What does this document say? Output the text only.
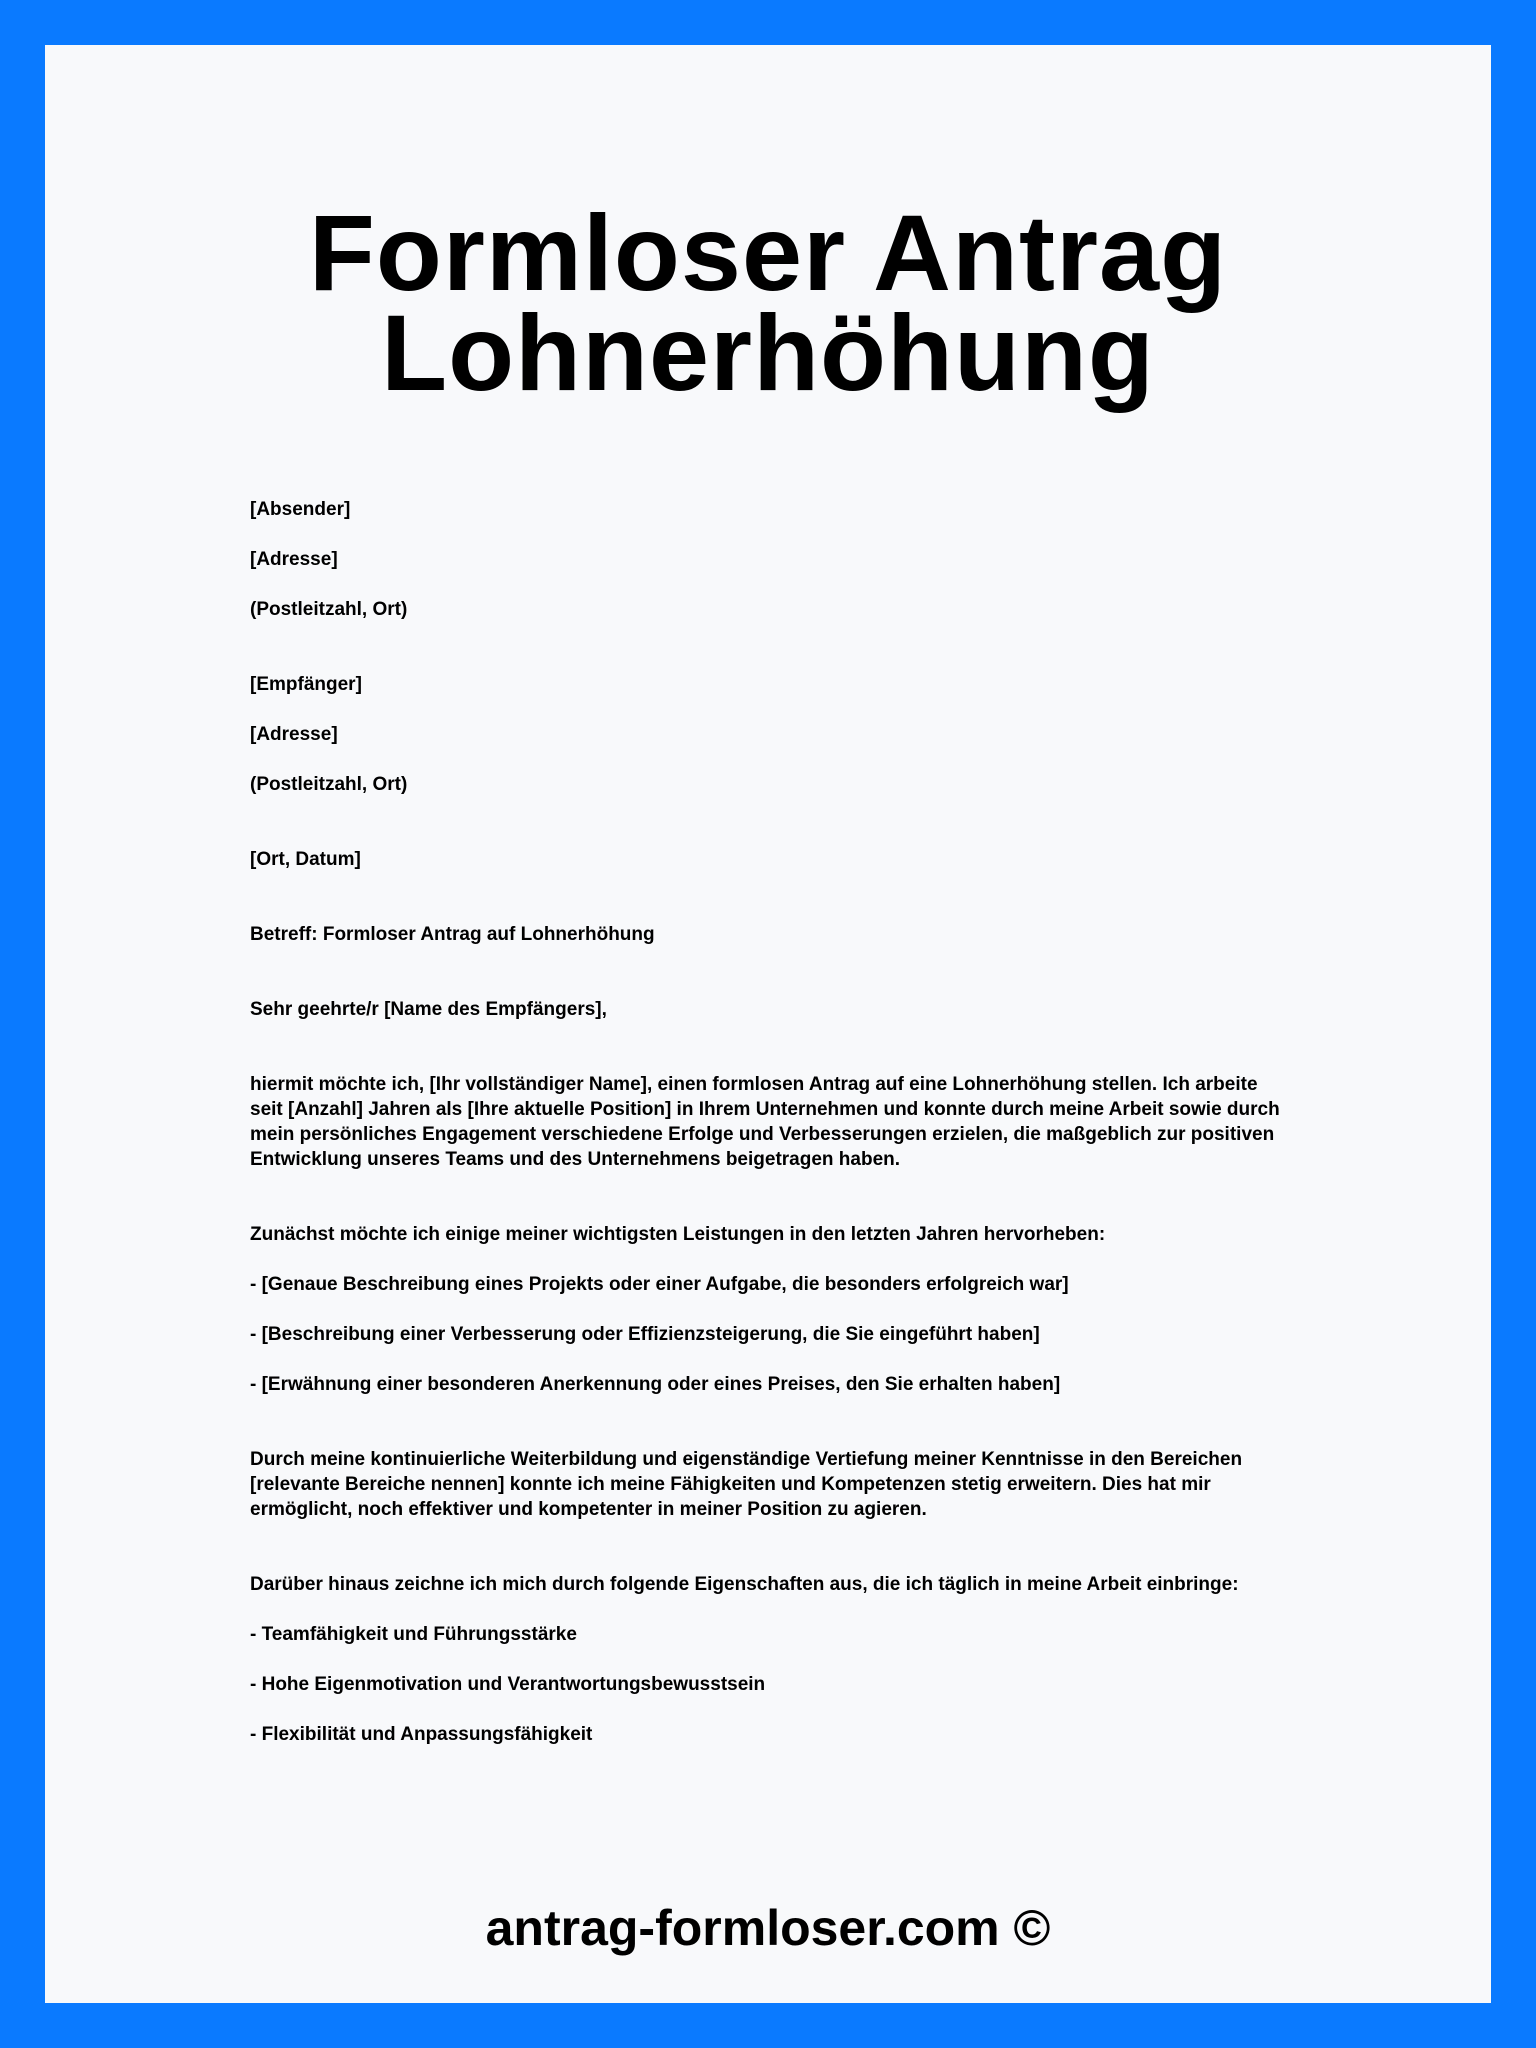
Formloser Antrag
Lohnerhöhung

[Absender]

[Adresse]

(Postleitzahl, Ort)

[Empfänger]

[Adresse]

(Postleitzahl, Ort)

[Ort, Datum]

Betreff: Formloser Antrag auf Lohnerhöhung

Sehr geehrte/r [Name des Empfängers],

hiermit möchte ich, [Ihr vollständiger Name], einen formlosen Antrag auf eine Lohnerhöhung stellen. Ich arbeite seit [Anzahl] Jahren als [Ihre aktuelle Position] in Ihrem Unternehmen und konnte durch meine Arbeit sowie durch mein persönliches Engagement verschiedene Erfolge und Verbesserungen erzielen, die maßgeblich zur positiven Entwicklung unseres Teams und des Unternehmens beigetragen haben.

Zunächst möchte ich einige meiner wichtigsten Leistungen in den letzten Jahren hervorheben:

- [Genaue Beschreibung eines Projekts oder einer Aufgabe, die besonders erfolgreich war]

- [Beschreibung einer Verbesserung oder Effizienzsteigerung, die Sie eingeführt haben]

- [Erwähnung einer besonderen Anerkennung oder eines Preises, den Sie erhalten haben]

Durch meine kontinuierliche Weiterbildung und eigenständige Vertiefung meiner Kenntnisse in den Bereichen [relevante Bereiche nennen] konnte ich meine Fähigkeiten und Kompetenzen stetig erweitern. Dies hat mir ermöglicht, noch effektiver und kompetenter in meiner Position zu agieren.

Darüber hinaus zeichne ich mich durch folgende Eigenschaften aus, die ich täglich in meine Arbeit einbringe:

- Teamfähigkeit und Führungsstärke

- Hohe Eigenmotivation und Verantwortungsbewusstsein

- Flexibilität und Anpassungsfähigkeit

antrag-formloser.com ©
